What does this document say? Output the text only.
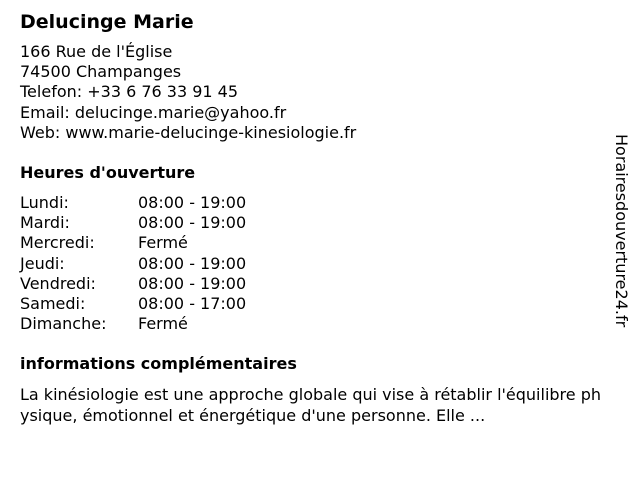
Delucinge Marie
166 Rue de l'Église
74500 Champanges
Telefon: +33 6 76 33 91 45
Email: delucinge.marie@yahoo.fr
Web: www.marie-delucinge-kinesiologie.fr
Heures d'ouverture
Lundi:	08:00 - 19:00
Mardi:	08:00 - 19:00
Mercredi:	Fermé
Jeudi:	08:00 - 19:00
Vendredi:	08:00 - 19:00
Samedi:	08:00 - 17:00
Dimanche:	Fermé
informations complémentaires
La kinésiologie est une approche globale qui vise à rétablir l'équilibre physique, émotionnel et énergétique d'une personne. Elle ...
Horairesdouverture24.fr
